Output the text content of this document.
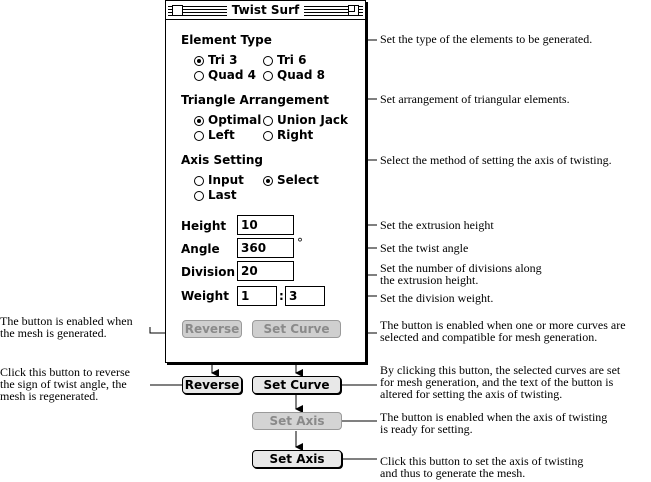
Twist Surf
Element Type
Tri 3	Tri 6
Quad 4 Quad 8
Triangle Arrangement
Optimal Union Jack
Left	Right
Axis Setting
Input	Select
Last
Height	10
Angle	360	°
Division 20
Weight	1	: 3
Reverse	Set Curve
Reverse	Set Curve
Set Axis
Set Axis
Set the type of the elements to be generated.
Set arrangement of triangular elements.
Select the method of setting the axis of twisting.
Set the extrusion height
Set the twist angle
Set the number of divisions along
the extrusion height.
Set the division weight.
The button is enabled when one or more curves are
selected and compatible for mesh generation.
By clicking this button, the selected curves are set
for mesh generation, and the text of the button is
altered for setting the axis of twisting.
The button is enabled when the axis of twisting
is ready for setting.
Click this button to set the axis of twisting
and thus to generate the mesh.
The button is enabled when
the mesh is generated.
Click this button to reverse
the sign of twist angle, the
mesh is regenerated.
